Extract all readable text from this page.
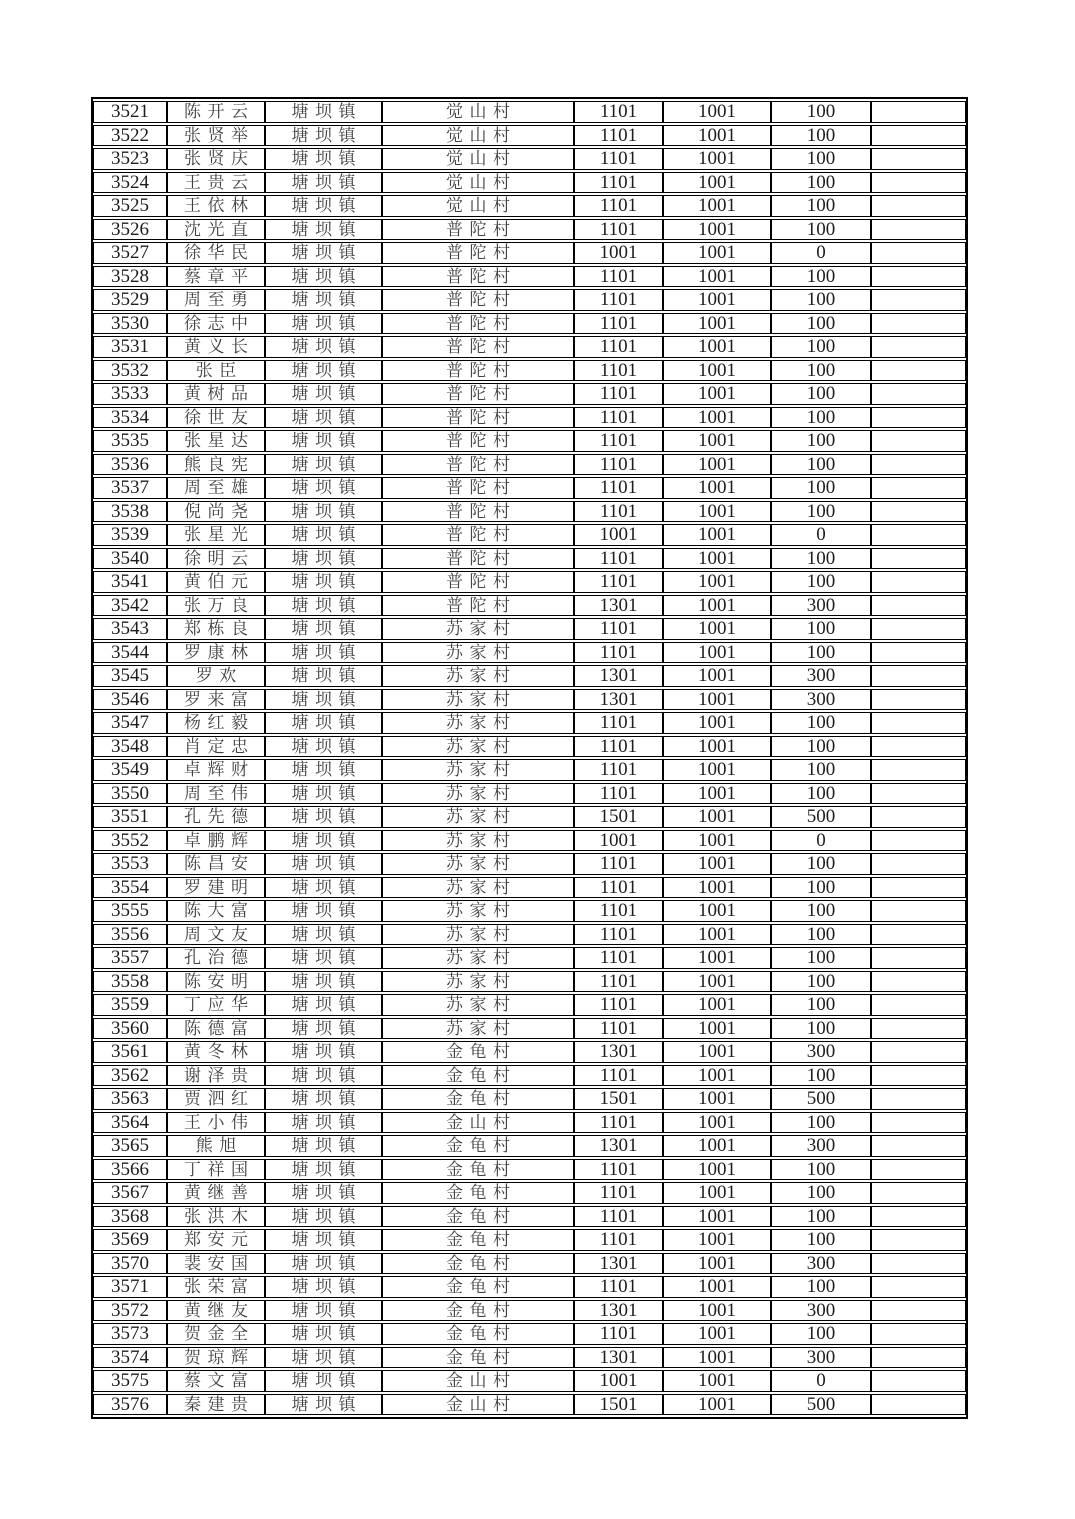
3521	陈开云	塘坝镇	觉山村	1101	1001	100	
3522	张贤举	塘坝镇	觉山村	1101	1001	100	
3523	张贤庆	塘坝镇	觉山村	1101	1001	100	
3524	王贵云	塘坝镇	觉山村	1101	1001	100	
3525	王依林	塘坝镇	觉山村	1101	1001	100	
3526	沈光直	塘坝镇	普陀村	1101	1001	100	
3527	徐华民	塘坝镇	普陀村	1001	1001	0	
3528	蔡章平	塘坝镇	普陀村	1101	1001	100	
3529	周至勇	塘坝镇	普陀村	1101	1001	100	
3530	徐志中	塘坝镇	普陀村	1101	1001	100	
3531	黄义长	塘坝镇	普陀村	1101	1001	100	
3532	张臣	塘坝镇	普陀村	1101	1001	100	
3533	黄树品	塘坝镇	普陀村	1101	1001	100	
3534	徐世友	塘坝镇	普陀村	1101	1001	100	
3535	张星达	塘坝镇	普陀村	1101	1001	100	
3536	熊良宪	塘坝镇	普陀村	1101	1001	100	
3537	周至雄	塘坝镇	普陀村	1101	1001	100	
3538	倪尚尧	塘坝镇	普陀村	1101	1001	100	
3539	张星光	塘坝镇	普陀村	1001	1001	0	
3540	徐明云	塘坝镇	普陀村	1101	1001	100	
3541	黄伯元	塘坝镇	普陀村	1101	1001	100	
3542	张万良	塘坝镇	普陀村	1301	1001	300	
3543	郑栋良	塘坝镇	苏家村	1101	1001	100	
3544	罗康林	塘坝镇	苏家村	1101	1001	100	
3545	罗欢	塘坝镇	苏家村	1301	1001	300	
3546	罗来富	塘坝镇	苏家村	1301	1001	300	
3547	杨红毅	塘坝镇	苏家村	1101	1001	100	
3548	肖定忠	塘坝镇	苏家村	1101	1001	100	
3549	卓辉财	塘坝镇	苏家村	1101	1001	100	
3550	周至伟	塘坝镇	苏家村	1101	1001	100	
3551	孔先德	塘坝镇	苏家村	1501	1001	500	
3552	卓鹏辉	塘坝镇	苏家村	1001	1001	0	
3553	陈昌安	塘坝镇	苏家村	1101	1001	100	
3554	罗建明	塘坝镇	苏家村	1101	1001	100	
3555	陈大富	塘坝镇	苏家村	1101	1001	100	
3556	周文友	塘坝镇	苏家村	1101	1001	100	
3557	孔治德	塘坝镇	苏家村	1101	1001	100	
3558	陈安明	塘坝镇	苏家村	1101	1001	100	
3559	丁应华	塘坝镇	苏家村	1101	1001	100	
3560	陈德富	塘坝镇	苏家村	1101	1001	100	
3561	黄冬林	塘坝镇	金龟村	1301	1001	300	
3562	谢泽贵	塘坝镇	金龟村	1101	1001	100	
3563	贾泗红	塘坝镇	金龟村	1501	1001	500	
3564	王小伟	塘坝镇	金山村	1101	1001	100	
3565	熊旭	塘坝镇	金龟村	1301	1001	300	
3566	丁祥国	塘坝镇	金龟村	1101	1001	100	
3567	黄继善	塘坝镇	金龟村	1101	1001	100	
3568	张洪木	塘坝镇	金龟村	1101	1001	100	
3569	郑安元	塘坝镇	金龟村	1101	1001	100	
3570	裴安国	塘坝镇	金龟村	1301	1001	300	
3571	张荣富	塘坝镇	金龟村	1101	1001	100	
3572	黄继友	塘坝镇	金龟村	1301	1001	300	
3573	贺金全	塘坝镇	金龟村	1101	1001	100	
3574	贺琼辉	塘坝镇	金龟村	1301	1001	300	
3575	蔡文富	塘坝镇	金山村	1001	1001	0	
3576	秦建贵	塘坝镇	金山村	1501	1001	500	
